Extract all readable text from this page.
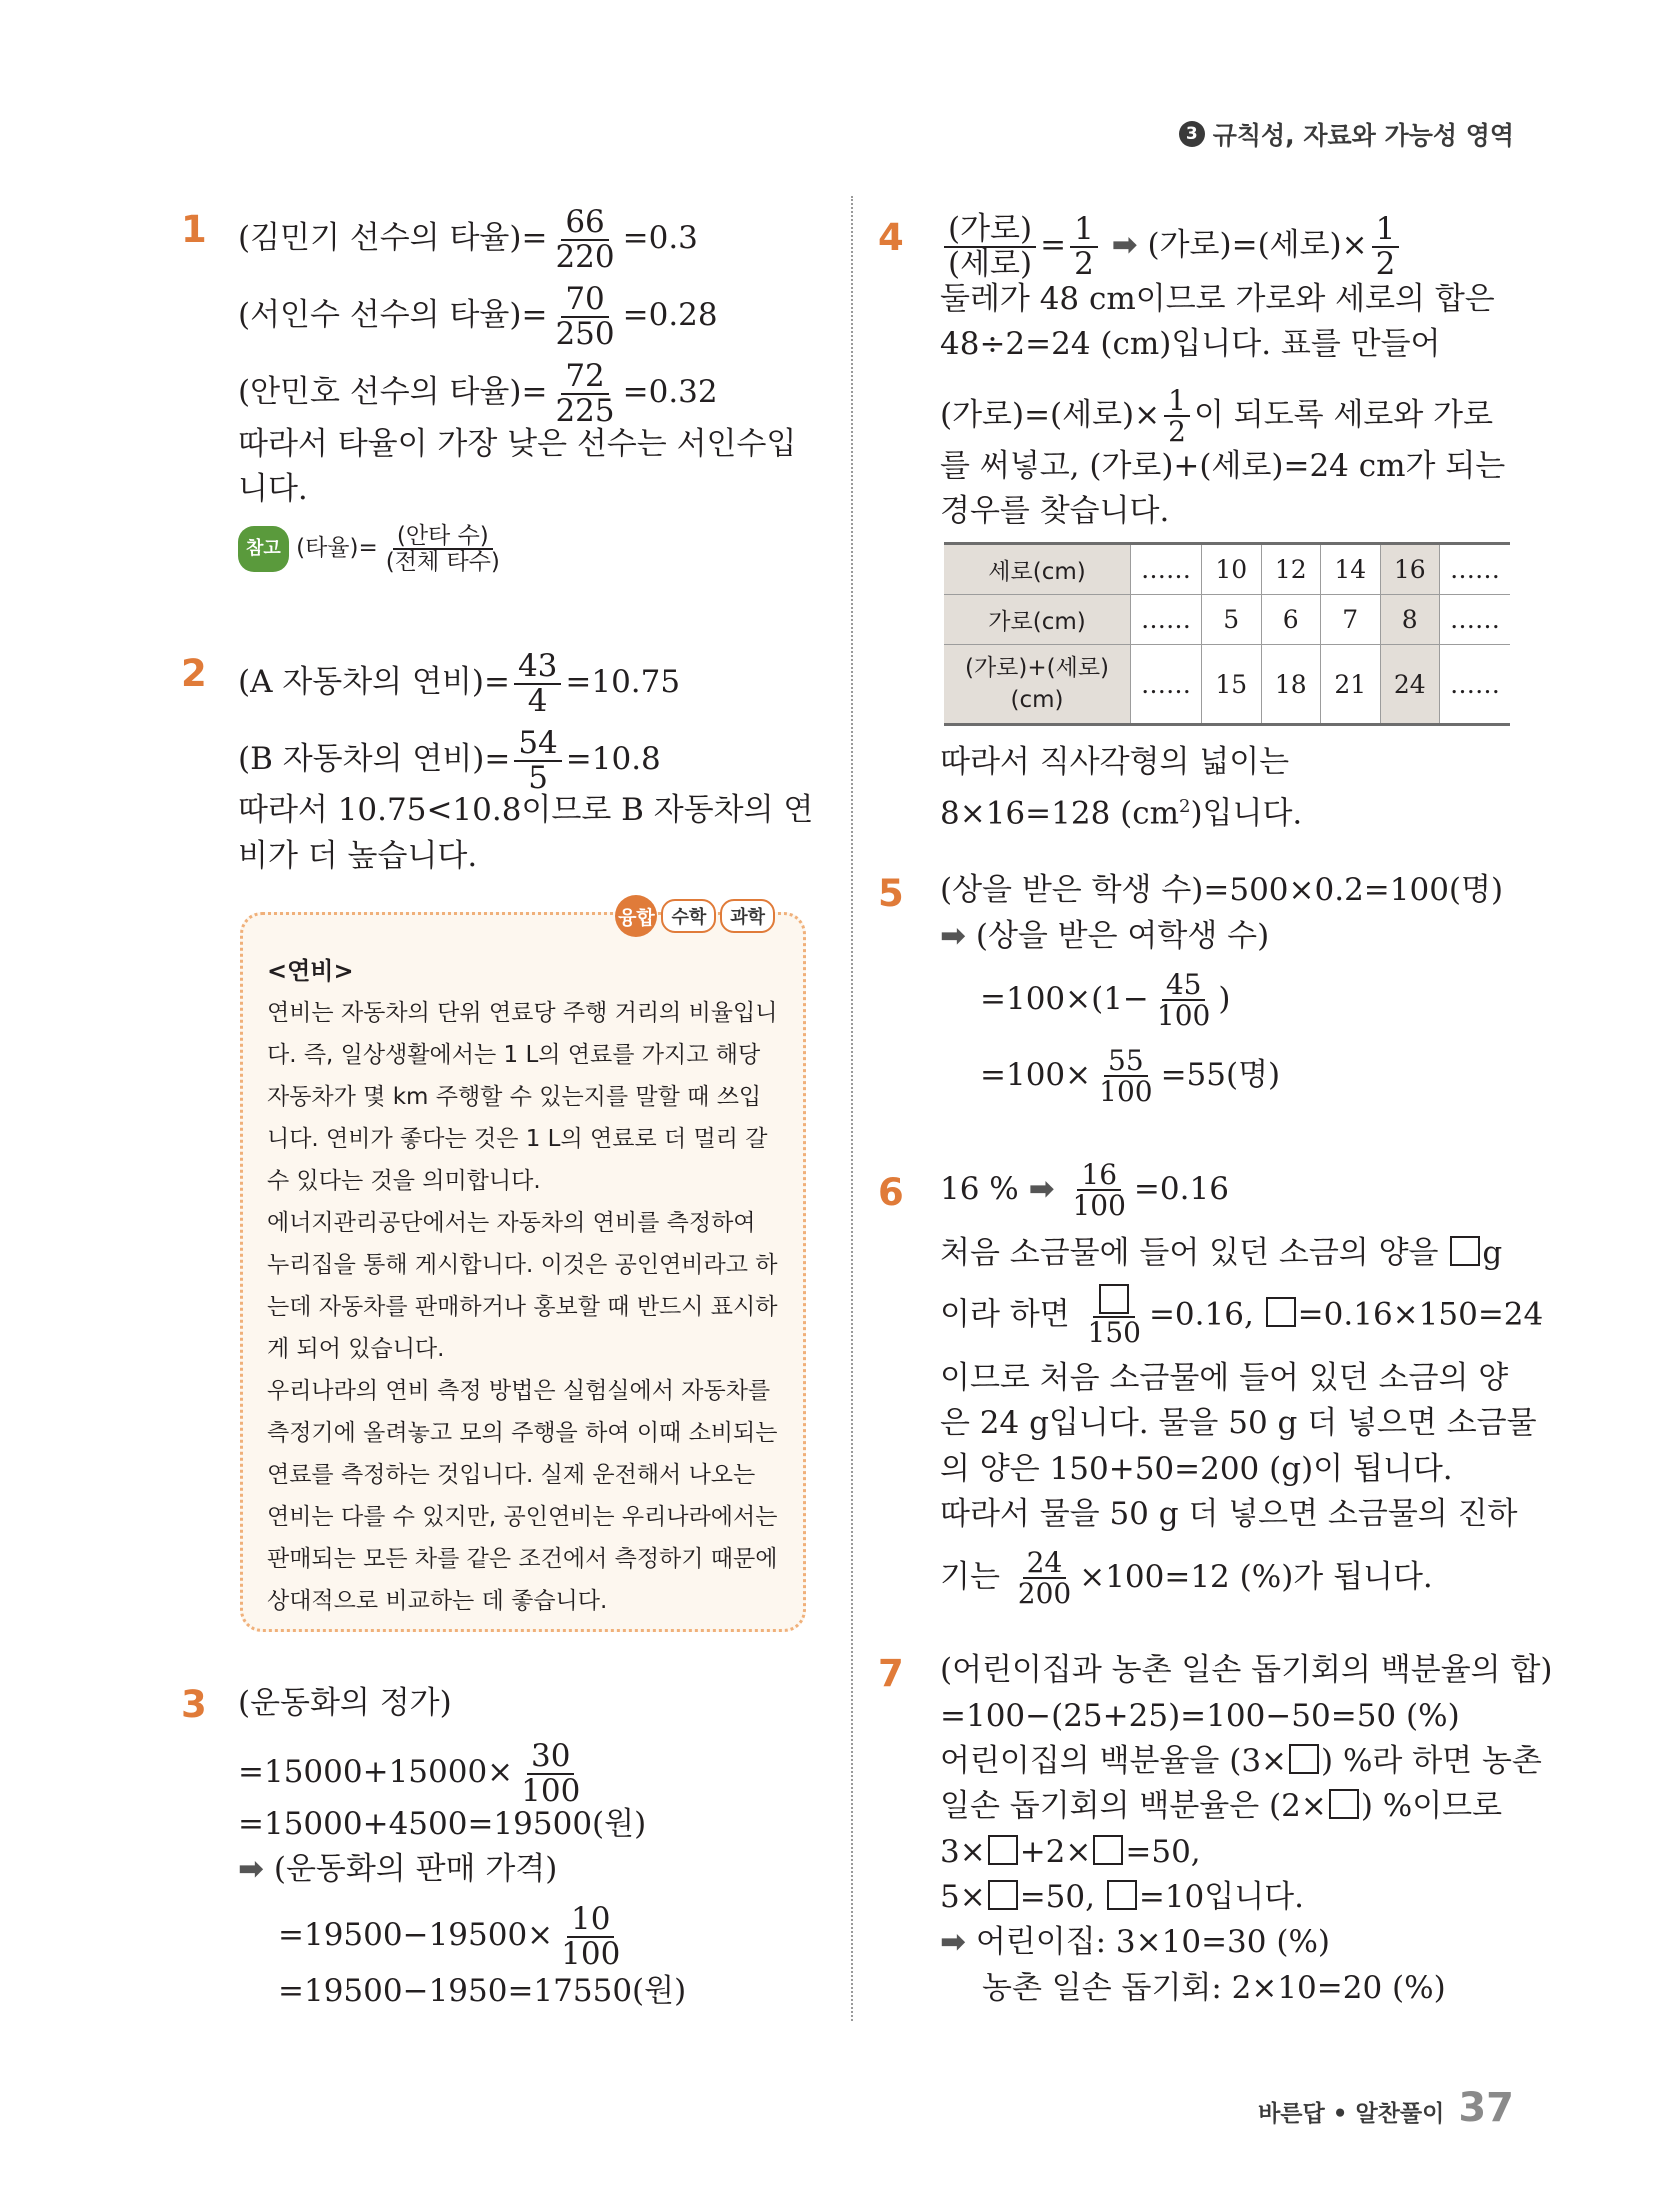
3 규칙성, 자료와 가능성 영역
1 (김민기 선수의 타율)= $\frac{66}{220} =0.3$
(서인수 선수의 타율)= $\frac{70}{250} =0.28$
(안민호 선수의 타율)= $\frac{72}{225} =0.32$
따라서 타율이 가장 낮은 선수는 서인수입
니다.
참고 (타율)= $\frac{\text{(안타 수)}}{\text{(전체 타수)}}$
2 (A 자동차의 연비)= $\frac{43}{4} =10.75$
(B 자동차의 연비)= $\frac{54}{5} =10.8$
따라서 10.75<10.8이므로 B 자동차의 연
비가 더 높습니다.
융합 수학	과학
<연비>
연비는 자동차의 단위 연료당 주행 거리의 비율입니다. 즉, 일상생활에서는 1 L의 연료를 가지고 해당 자동차가 몇 km 주행할 수 있는지를 말할 때 쓰입니다. 연비가 좋다는 것은 1 L의 연료로 더 멀리 갈 수 있다는 것을 의미합니다.
에너지관리공단에서는 자동차의 연비를 측정하여 누리집을 통해 게시합니다. 이것은 공인연비라고 하는데 자동차를 판매하거나 홍보할 때 반드시 표시하게 되어 있습니다.
우리나라의 연비 측정 방법은 실험실에서 자동차를 측정기에 올려놓고 모의 주행을 하여 이때 소비되는 연료를 측정하는 것입니다. 실제 운전해서 나오는 연비는 다를 수 있지만, 공인연비는 우리나라에서는 판매되는 모든 차를 같은 조건에서 측정하기 때문에 상대적으로 비교하는 데 좋습니다.
3 (운동화의 정가)
$=15000+15000\times \frac{30}{100}$
=15000+4500=19500(원)
➡ (운동화의 판매 가격)
$=19500-19500\times \frac{10}{100}$
=19500−1950=17550(원)
$4 \frac{\text{(가로)}}{\text{(세로)}} = \frac{1}{2}$ ➡ (가로)=(세로)× $\frac{1}{2}$
둘레가 48 cm이므로 가로와 세로의 합은
48÷2=24 (cm)입니다. 표를 만들어
(가로)=(세로)× $\frac{1}{2}$ 이 되도록 세로와 가로
를 써넣고, (가로)+(세로)=24 cm가 되는
경우를 찾습니다.
세로(cm)	……	10	12	14	16	……
가로(cm)	……	5	6	7	8	……
(가로)+(세로)
(cm)	……	15	18	21	24	……
따라서 직사각형의 넓이는
8×16=128 $(cm^2)$입니다.
5 (상을 받은 학생 수)=500×0.2=100(명)
➡ (상을 받은 여학생 수)
$=100\times(1- \frac{45}{100}$ )
$=100\times \frac{55}{100} =55$(명)
6 16 % ➡ $\frac{16}{100} =0.16$
처음 소금물에 들어 있던 소금의 양을 g
이라 하면
150
=0.16, =0.16×150=24
이므로 처음 소금물에 들어 있던 소금의 양
은 24 g입니다. 물을 50 g 더 넣으면 소금물
의 양은 150+50=200 (g)이 됩니다.
따라서 물을 50 g 더 넣으면 소금물의 진하
기는 $\frac{24}{200} \times 100=12$ (%)가 됩니다.
7 (어린이집과 농촌 일손 돕기회의 백분율의 합)
=100−(25+25)=100−50=50 (%)
어린이집의 백분율을 (3× ) %라 하면 농촌
일손 돕기회의 백분율은 (2× ) %이므로
3× +2× =50,
5× =50, =10입니다.
➡ 어린이집: 3×10=30 (%)
농촌 일손 돕기회: 2×10=20 (%)
바른답 • 알찬풀이 37
